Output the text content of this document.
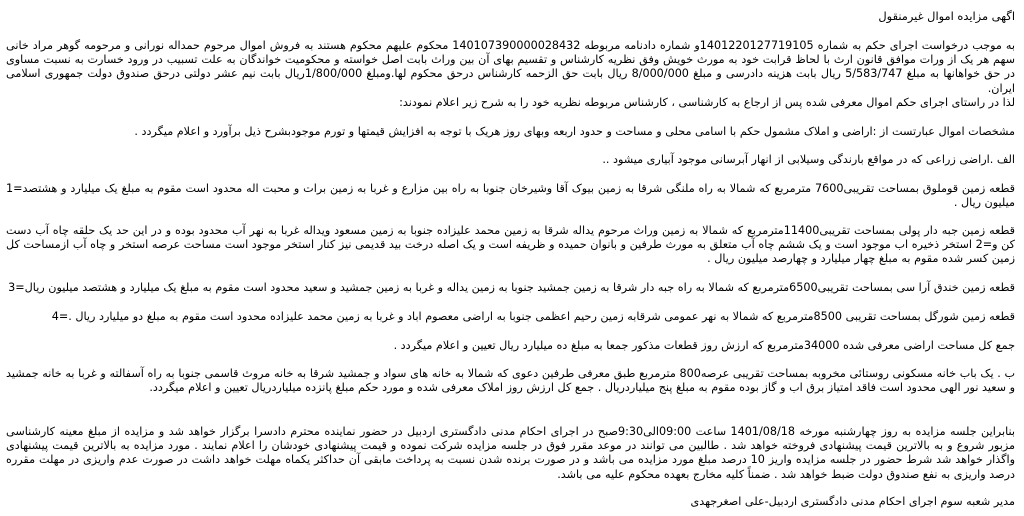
اگهی مزایده اموال غیرمنقول

به موجب درخواست اجرای حکم به شماره 140122012771910‌5و شماره دادنامه مربوطه 140107390000028432 محکوم علیهم محکوم هستند به فروش اموال مرحوم حمداله نورانی و مرحومه گوهر مراد خانی سهم هر یک از ورات موافق قانون ارث با لحاظ قرابت خود به مورث خویش وفق نظریه کارشناس و تقسیم بهای آن بین وراث بابت اصل خواسته و محکومیت خواندگان به علت تسبیب در ورود خسارت به نسبت مساوی در حق خواهانها به مبلغ 5/583/747 ریال بابت هزینه دادرسی و مبلغ 8/000/000 ریال بابت حق الزحمه کارشناس درحق محکوم لها.ومبلغ 1/800/000ریال بابت نیم عشر دولتی درحق صندوق دولت جمهوری اسلامی ایران.

لذا در راستای اجرای حکم اموال معرفی شده پس از ارجاع به کارشناسی ، کارشناس مربوطه نظریه خود را به شرح زیر اعلام نمودند:

مشخصات اموال عبارتست از :اراضی و املاک مشمول حکم با اسامی محلی و مساحت و حدود اربعه وبهای روز هریک با توجه به افزایش قیمتها و تورم موجودبشرح ذیل برآورد و اعلام میگردد .

الف .اراضی زراعی که در مواقع بارندگی وسیلابی از انهار آبرسانی موجود آبیاری میشود ..

قطعه زمین قوملوق بمساحت تقریبی7600 مترمربع که شمالا به راه ملنگی شرقا به زمین بیوک آقا وشیرخان جنوبا به راه بین مزارع و غربا به زمین برات و محبت اله محدود است مقوم به مبلغ یک میلیارد و هشتصد=1 میلیون ریال .

قطعه زمین جبه دار پولی بمساحت تقریبی11400مترمربع که شمالا به زمین وراث مرحوم یداله شرقا به زمین محمد علیزاده جنوبا به زمین مسعود ویداله غربا به نهر آب محدود بوده و در این حد یک حلقه چاه آب دست کن و=2 استخر ذخیره اب موجود است و یک ششم چاه آب متعلق به مورث طرفین و بانوان حمیده و ظریفه است و یک اصله درخت بید قدیمی نیز کنار استخر موجود است مساحت عرصه استخر و چاه آب ازمساحت کل زمین کسر شده مقوم به مبلغ چهار میلیارد و چهارصد میلیون ریال .

قطعه زمین خندق آرا سی بمساحت تقریبی6500مترمربع که شمالا به راه جبه دار شرقا به زمین جمشید جنوبا به زمین یداله و غربا به زمین جمشید و سعید محدود است مقوم به مبلغ یک میلیارد و هشتصد میلیون ریال=3

قطعه زمین شورگل بمساحت تقریبی 8500مترمربع که شمالا به نهر عمومی شرقابه زمین رحیم اعظمی جنوبا به اراضی معصوم اباد و غربا به زمین محمد علیزاده محدود است مقوم به مبلغ دو میلیارد ریال .=4

جمع کل مساحت اراضی معرفی شده 34000مترمربع که ارزش روز قطعات مذکور جمعا به مبلغ ده میلیارد ریال تعیین و اعلام میگردد .

ب . یک باب خانه مسکونی روستائی مخروبه بمساحت تقریبی عرصه800 مترمربع طبق معرفی طرفین دعوی که شمالا به خانه های سواد و جمشید شرقا به خانه مروث قاسمی جنوبا به راه آسفالته و غربا به خانه جمشید و سعید نور الهی محدود است فاقد امتیاز برق اب و گاز بوده مقوم به مبلغ پنج میلیاردریال . جمع کل ارزش روز املاک معرفی شده و مورد حکم مبلغ پانزده میلیاردریال تعیین و اعلام میگردد.

بنابراین جلسه مزایده به روز چهارشنبه مورخه 1401/08/18 ساعت 09:00الی9:30صبح در اجرای احکام مدنی دادگستری اردبیل در حضور نماینده محترم دادسرا برگزار خواهد شد و مزایده از مبلغ معینه کارشناسی مزبور شروع و به بالاترین قیمت پیشنهادی فروخته خواهد شد . طالبین می توانند در موعد مقرر فوق در جلسه مزایده شرکت نموده و قیمت پیشنهادی خودشان را اعلام نمایند . مورد مزایده به بالاترین قیمت پیشنهادی واگذار خواهد شد شرط حضور در جلسه مزایده واریز 10 درصد مبلغ مورد مزایده می باشد و در صورت برنده شدن نسبت به پرداخت مابقی آن حداکثر یکماه مهلت خواهد داشت در صورت عدم واریزی در مهلت مقرره درصد واریزی به نفع صندوق دولت ضبط خواهد شد . ضمناً کلیه مخارج بعهده محکوم علیه می باشد.

مدیر شعبه سوم اجرای احکام مدنی دادگستری اردبیل-علی اصغرجهدی
